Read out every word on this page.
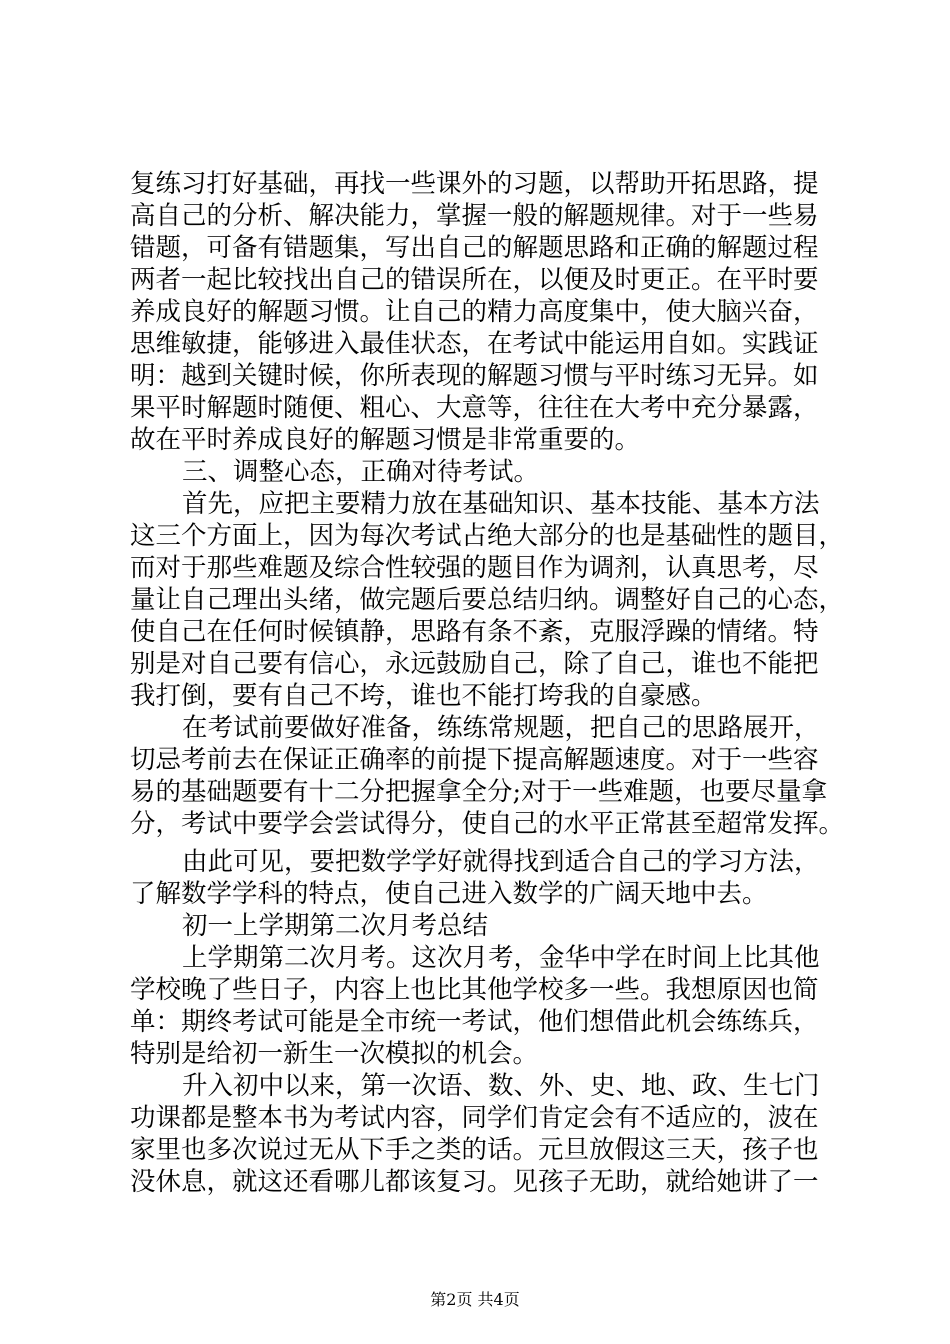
复练习打好基础，再找一些课外的习题，以帮助开拓思路，提
高自己的分析、解决能力，掌握一般的解题规律。对于一些易
错题，可备有错题集，写出自己的解题思路和正确的解题过程
两者一起比较找出自己的错误所在，以便及时更正。在平时要
养成良好的解题习惯。让自己的精力高度集中，使大脑兴奋，
思维敏捷，能够进入最佳状态，在考试中能运用自如。实践证
明：越到关键时候，你所表现的解题习惯与平时练习无异。如
果平时解题时随便、粗心、大意等，往往在大考中充分暴露，
故在平时养成良好的解题习惯是非常重要的。
三、调整心态，正确对待考试。
首先，应把主要精力放在基础知识、基本技能、基本方法
这三个方面上，因为每次考试占绝大部分的也是基础性的题目，
而对于那些难题及综合性较强的题目作为调剂，认真思考，尽
量让自己理出头绪，做完题后要总结归纳。调整好自己的心态，
使自己在任何时候镇静，思路有条不紊，克服浮躁的情绪。特
别是对自己要有信心，永远鼓励自己，除了自己，谁也不能把
我打倒，要有自己不垮，谁也不能打垮我的自豪感。
在考试前要做好准备，练练常规题，把自己的思路展开，
切忌考前去在保证正确率的前提下提高解题速度。对于一些容
易的基础题要有十二分把握拿全分;对于一些难题，也要尽量拿
分，考试中要学会尝试得分，使自己的水平正常甚至超常发挥。
由此可见，要把数学学好就得找到适合自己的学习方法，
了解数学学科的特点，使自己进入数学的广阔天地中去。
初一上学期第二次月考总结
上学期第二次月考。这次月考，金华中学在时间上比其他
学校晚了些日子，内容上也比其他学校多一些。我想原因也简
单：期终考试可能是全市统一考试，他们想借此机会练练兵，
特别是给初一新生一次模拟的机会。
升入初中以来，第一次语、数、外、史、地、政、生七门
功课都是整本书为考试内容，同学们肯定会有不适应的，波在
家里也多次说过无从下手之类的话。元旦放假这三天，孩子也
没休息，就这还看哪儿都该复习。见孩子无助，就给她讲了一
第2页 共4页
